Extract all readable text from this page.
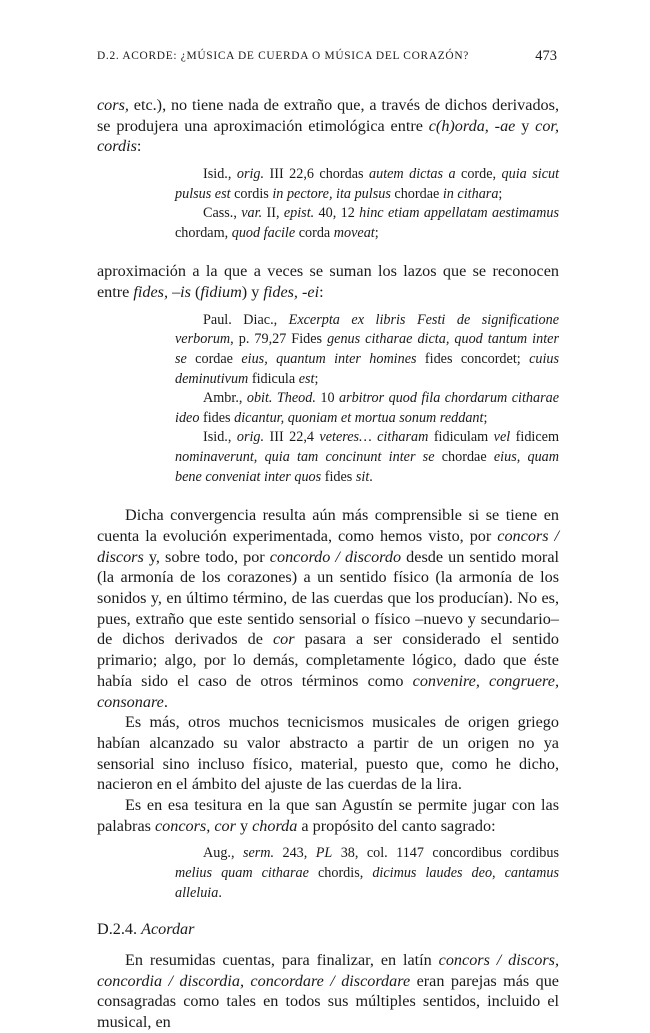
D.2. ACORDE: ¿MÚSICA DE CUERDA O MÚSICA DEL CORAZÓN?	473

cors, etc.), no tiene nada de extraño que, a través de dichos derivados, se produjera una aproximación etimológica entre c(h)orda, -ae y cor, cordis:

Isid., orig. III 22,6 chordas autem dictas a corde, quia sicut pulsus est cordis in pectore, ita pulsus chordae in cithara;

Cass., var. II, epist. 40, 12 hinc etiam appellatam aestimamus chordam, quod facile corda moveat;

aproximación a la que a veces se suman los lazos que se reconocen entre fides, –is (fidium) y fides, -ei:

Paul. Diac., Excerpta ex libris Festi de significatione verborum, p. 79,27 Fides genus citharae dicta, quod tantum inter se cordae eius, quantum inter homines fides concordet; cuius deminutivum fidicula est;

Ambr., obit. Theod. 10 arbitror quod fila chordarum citharae ideo fides dicantur, quoniam et mortua sonum reddant;

Isid., orig. III 22,4 veteres… citharam fidiculam vel fidicem nominaverunt, quia tam concinunt inter se chordae eius, quam bene conveniat inter quos fides sit.

Dicha convergencia resulta aún más comprensible si se tiene en cuenta la evolución experimentada, como hemos visto, por concors / discors y, sobre todo, por concordo / discordo desde un sentido moral (la armonía de los corazones) a un sentido físico (la armonía de los sonidos y, en último término, de las cuerdas que los producían). No es, pues, extraño que este sentido sensorial o físico –nuevo y secundario– de dichos derivados de cor pasara a ser considerado el sentido primario; algo, por lo demás, completamente lógico, dado que éste había sido el caso de otros términos como convenire, congruere, consonare.

Es más, otros muchos tecnicismos musicales de origen griego habían alcanzado su valor abstracto a partir de un origen no ya sensorial sino incluso físico, material, puesto que, como he dicho, nacieron en el ámbito del ajuste de las cuerdas de la lira.

Es en esa tesitura en la que san Agustín se permite jugar con las palabras concors, cor y chorda a propósito del canto sagrado:

Aug., serm. 243, PL 38, col. 1147 concordibus cordibus melius quam citharae chordis, dicimus laudes deo, cantamus alleluia.

D.2.4. Acordar

En resumidas cuentas, para finalizar, en latín concors / discors, concordia / discordia, concordare / discordare eran parejas más que consagradas como tales en todos sus múltiples sentidos, incluido el musical, en
